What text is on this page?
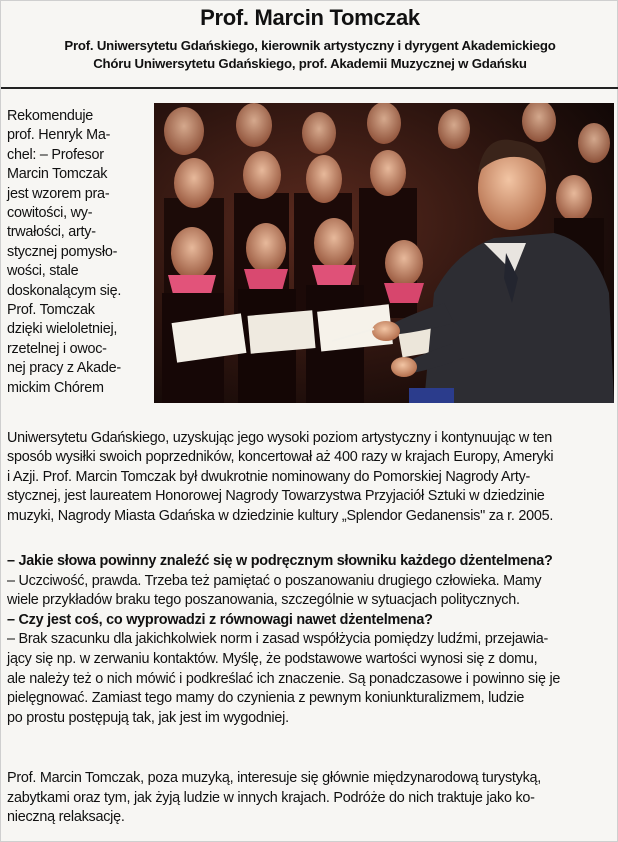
Prof. Marcin Tomczak
Prof. Uniwersytetu Gdańskiego, kierownik artystyczny i dyrygent Akademickiego
Chóru Uniwersytetu Gdańskiego, prof. Akademii Muzycznej w Gdańsku
Rekomenduje
prof. Henryk Ma-
chel: – Profesor
Marcin Tomczak
jest wzorem pra-
cowitości, wy-
trwałości, arty-
stycznej pomysło-
wości, stale
doskonalącym się.
Prof. Tomczak
dzięki wieloletniej,
rzetelnej i owoc-
nej pracy z Akade-
mickim Chórem
Uniwersytetu Gdańskiego, uzyskując jego wysoki poziom artystyczny i kontynuując w ten
sposób wysiłki swoich poprzedników, koncertował aż 400 razy w krajach Europy, Ameryki
i Azji. Prof. Marcin Tomczak był dwukrotnie nominowany do Pomorskiej Nagrody Arty-
stycznej, jest laureatem Honorowej Nagrody Towarzystwa Przyjaciół Sztuki w dziedzinie
muzyki, Nagrody Miasta Gdańska w dziedzinie kultury „Splendor Gedanensis" za r. 2005.
– Jakie słowa powinny znaleźć się w podręcznym słowniku każdego dżentelmena?
– Uczciwość, prawda. Trzeba też pamiętać o poszanowaniu drugiego człowieka. Mamy
wiele przykładów braku tego poszanowania, szczególnie w sytuacjach politycznych.
– Czy jest coś, co wyprowadzi z równowagi nawet dżentelmena?
– Brak szacunku dla jakichkolwiek norm i zasad współżycia pomiędzy ludźmi, przejawia-
jący się np. w zerwaniu kontaktów. Myślę, że podstawowe wartości wynosi się z domu,
ale należy też o nich mówić i podkreślać ich znaczenie. Są ponadczasowe i powinno się je
pielęgnować. Zamiast tego mamy do czynienia z pewnym koniunkturalizmem, ludzie
po prostu postępują tak, jak jest im wygodniej.
Prof. Marcin Tomczak, poza muzyką, interesuje się głównie międzynarodową turystyką,
zabytkami oraz tym, jak żyją ludzie w innych krajach. Podróże do nich traktuje jako ko-
nieczną relaksację.
